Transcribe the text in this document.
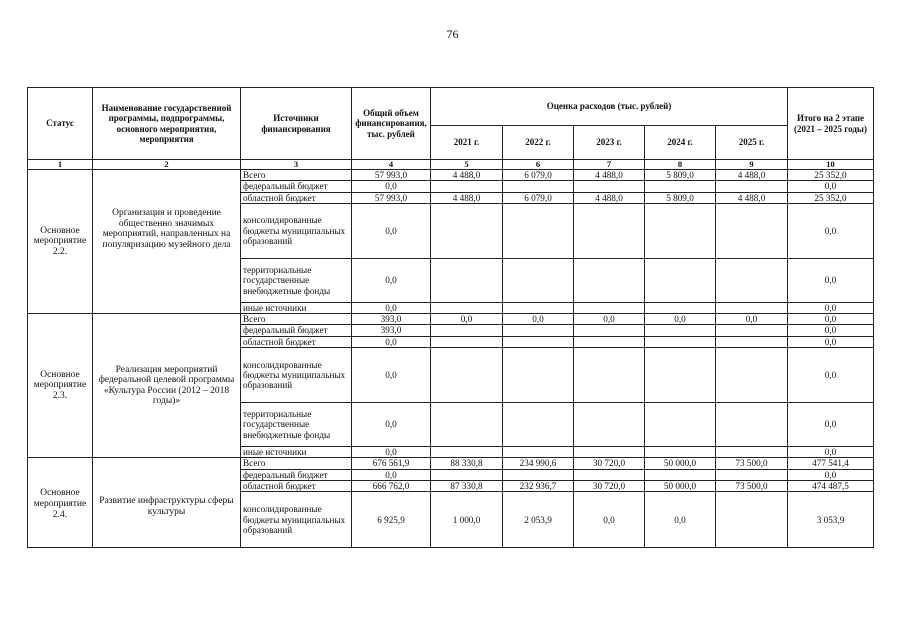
76
Статус	Наименование государственной программы, подпрограммы, основного мероприятия, мероприятия	Источники финансирования	Общий объем финансирования, тыс. рублей	Оценка расходов (тыс. рублей)					Итого на 2 этапе (2021 – 2025 годы)
				2021 г.	2022 г.	2023 г.	2024 г.	2025 г.	
1	2	3	4	5	6	7	8	9	10
Основное мероприятие 2.2.	Организация и проведение общественно значимых мероприятий, направленных на популяризацию музейного дела	Всего	57 993,0	4 488,0	6 079,0	4 488,0	5 809,0	4 488,0	25 352,0
		федеральный бюджет	0,0						0,0
		областной бюджет	57 993,0	4 488,0	6 079,0	4 488,0	5 809,0	4 488,0	25 352,0
		консолидированные бюджеты муниципальных образований	0,0						0,0
		территориальные государственные внебюджетные фонды	0,0						0,0
		иные источники	0,0						0,0
Основное мероприятие 2.3.	Реализация мероприятий федеральной целевой программы «Культура России (2012 – 2018 годы)»	Всего	393,0	0,0	0,0	0,0	0,0	0,0	0,0
		федеральный бюджет	393,0						0,0
		областной бюджет	0,0						0,0
		консолидированные бюджеты муниципальных образований	0,0						0,0
		территориальные государственные внебюджетные фонды	0,0						0,0
		иные источники	0,0						0,0
Основное мероприятие 2.4.	Развитие инфраструктуры сферы культуры	Всего	676 561,9	88 330,8	234 990,6	30 720,0	50 000,0	73 500,0	477 541,4
		федеральный бюджет	0,0						0,0
		областной бюджет	666 762,0	87 330,8	232 936,7	30 720,0	50 000,0	73 500,0	474 487,5
		консолидированные бюджеты муниципальных образований	6 925,9	1 000,0	2 053,9	0,0	0,0		3 053,9
